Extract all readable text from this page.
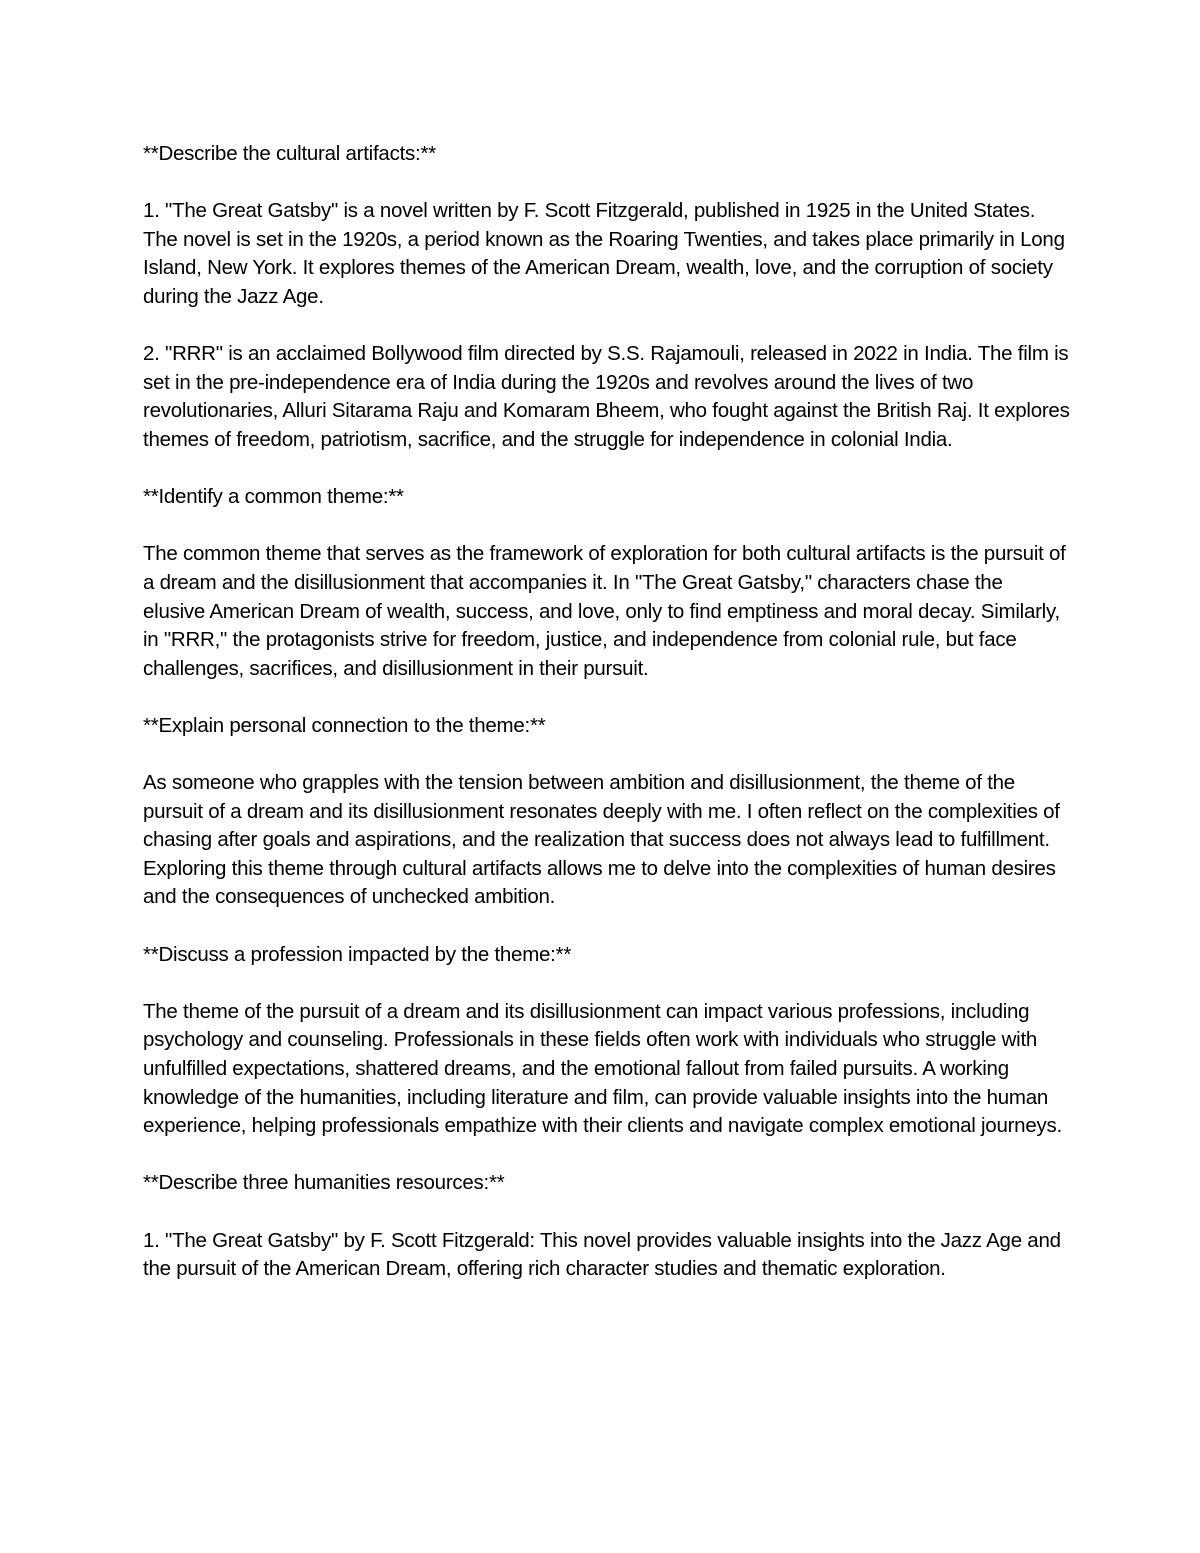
**Describe the cultural artifacts:**

1. "The Great Gatsby" is a novel written by F. Scott Fitzgerald, published in 1925 in the United States. The novel is set in the 1920s, a period known as the Roaring Twenties, and takes place primarily in Long Island, New York. It explores themes of the American Dream, wealth, love, and the corruption of society during the Jazz Age.

2. "RRR" is an acclaimed Bollywood film directed by S.S. Rajamouli, released in 2022 in India. The film is set in the pre-independence era of India during the 1920s and revolves around the lives of two revolutionaries, Alluri Sitarama Raju and Komaram Bheem, who fought against the British Raj. It explores themes of freedom, patriotism, sacrifice, and the struggle for independence in colonial India.

**Identify a common theme:**

The common theme that serves as the framework of exploration for both cultural artifacts is the pursuit of a dream and the disillusionment that accompanies it. In "The Great Gatsby," characters chase the elusive American Dream of wealth, success, and love, only to find emptiness and moral decay. Similarly, in "RRR," the protagonists strive for freedom, justice, and independence from colonial rule, but face challenges, sacrifices, and disillusionment in their pursuit.

**Explain personal connection to the theme:**

As someone who grapples with the tension between ambition and disillusionment, the theme of the pursuit of a dream and its disillusionment resonates deeply with me. I often reflect on the complexities of chasing after goals and aspirations, and the realization that success does not always lead to fulfillment. Exploring this theme through cultural artifacts allows me to delve into the complexities of human desires and the consequences of unchecked ambition.

**Discuss a profession impacted by the theme:**

The theme of the pursuit of a dream and its disillusionment can impact various professions, including psychology and counseling. Professionals in these fields often work with individuals who struggle with unfulfilled expectations, shattered dreams, and the emotional fallout from failed pursuits. A working knowledge of the humanities, including literature and film, can provide valuable insights into the human experience, helping professionals empathize with their clients and navigate complex emotional journeys.

**Describe three humanities resources:**

1. "The Great Gatsby" by F. Scott Fitzgerald: This novel provides valuable insights into the Jazz Age and the pursuit of the American Dream, offering rich character studies and thematic exploration.
